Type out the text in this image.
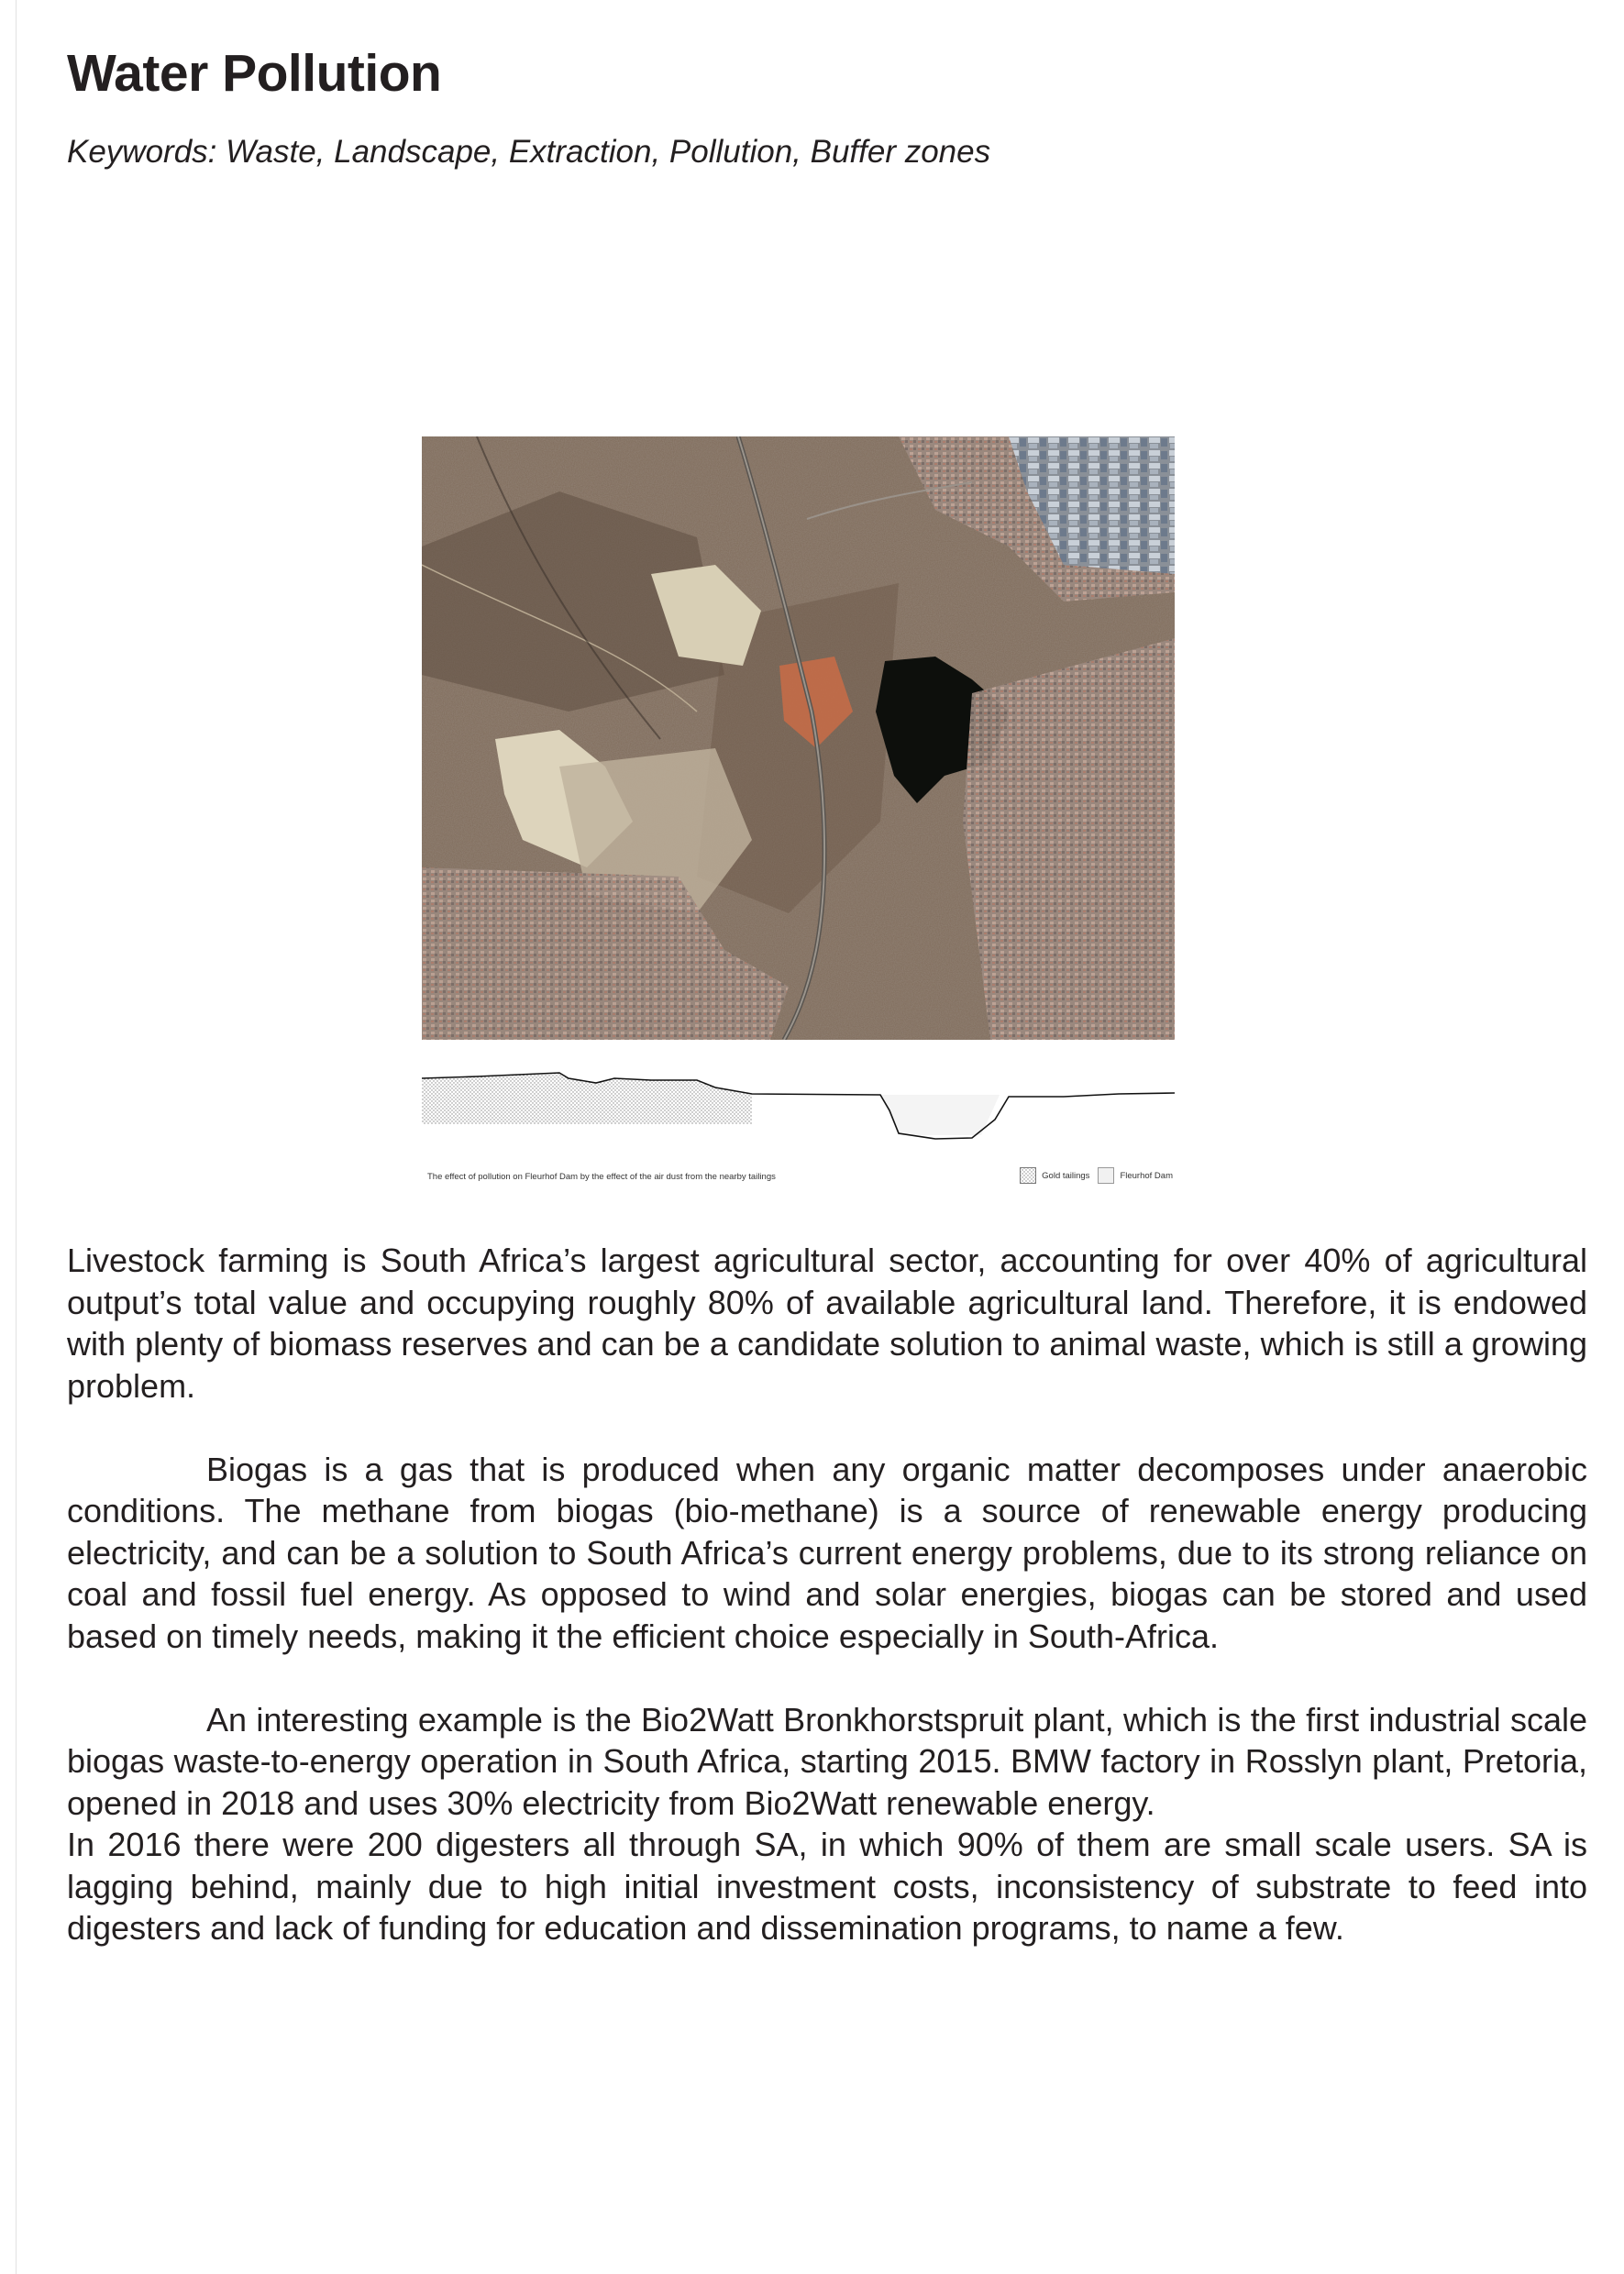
Water Pollution
Keywords: Waste, Landscape, Extraction, Pollution, Buffer zones
The effect of pollution on Fleurhof Dam by the effect of the air dust from the nearby tailings	Gold tailings	Fleurhof Dam

Livestock farming is South Africa’s largest agricultural sector, accounting for over 40% of agricultural output’s total value and occupying roughly 80% of available agricultural land. Therefore, it is endowed with plenty of biomass reserves and can be a candidate solution to animal waste, which is still a growing problem.

Biogas is a gas that is produced when any organic matter decomposes under anaerobic conditions. The methane from biogas (bio-methane) is a source of renewable energy producing electricity, and can be a solution to South Africa’s current energy problems, due to its strong reliance on coal and fossil fuel energy. As opposed to wind and solar energies, biogas can be stored and used based on timely needs, making it the efficient choice especially in South-Africa.

An interesting example is the Bio2Watt Bronkhorstspruit plant, which is the first industrial scale biogas waste-to-energy operation in South Africa, starting 2015. BMW factory in Rosslyn plant, Pretoria, opened in 2018 and uses 30% electricity from Bio2Watt renewable energy.

In 2016 there were 200 digesters all through SA, in which 90% of them are small scale users. SA is lagging behind, mainly due to high initial investment costs, inconsistency of substrate to feed into digesters and lack of funding for education and dissemination programs, to name a few.
